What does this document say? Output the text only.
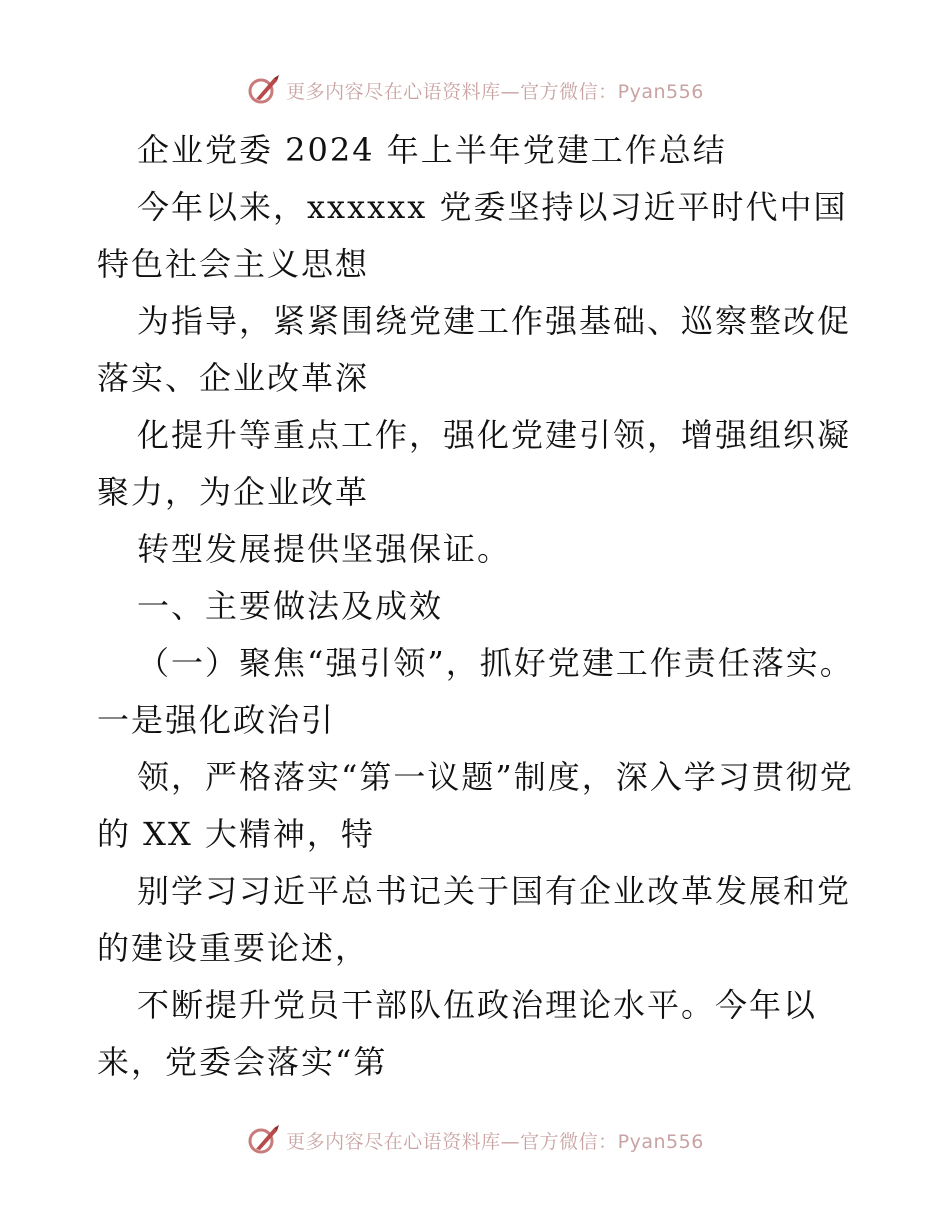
更多内容尽在心语资料库—官方微信：Pyan556

企业党委 2024 年上半年党建工作总结

今年以来，xxxxxx 党委坚持以习近平时代中国特色社会主义思想

为指导，紧紧围绕党建工作强基础、巡察整改促落实、企业改革深

化提升等重点工作，强化党建引领，增强组织凝聚力，为企业改革

转型发展提供坚强保证。

一、主要做法及成效

（一）聚焦“强引领”，抓好党建工作责任落实。一是强化政治引

领，严格落实“第一议题”制度，深入学习贯彻党的 XX 大精神，特

别学习习近平总书记关于国有企业改革发展和党的建设重要论述，

不断提升党员干部队伍政治理论水平。今年以来，党委会落实“第

更多内容尽在心语资料库—官方微信：Pyan556
